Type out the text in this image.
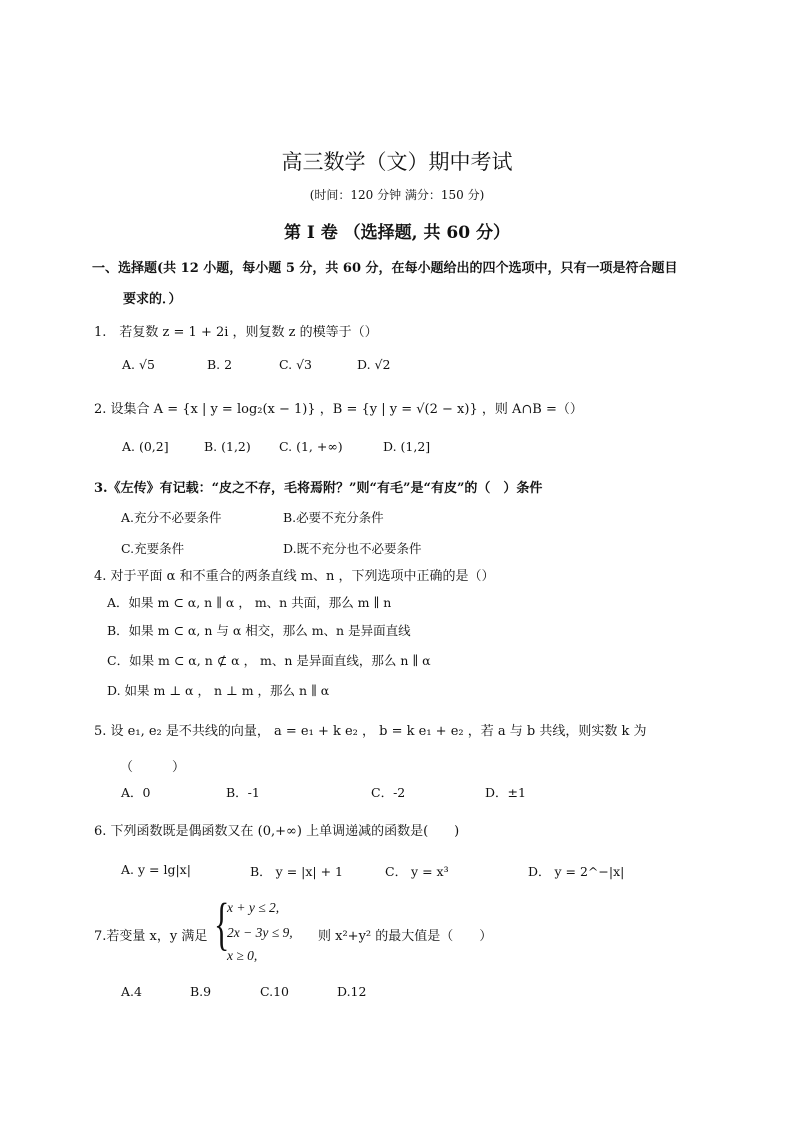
高三数学（文）期中考试
(时间：120 分钟 满分：150 分)
第 I 卷 （选择题, 共 60 分）
一、选择题(共 12 小题，每小题 5 分，共 60 分，在每小题给出的四个选项中，只有一项是符合题目
要求的．）
1.　若复数 z = 1 + 2i ，则复数 z 的模等于（）
A. √5	B. 2	C. √3	D. √2
2. 设集合 A = {x | y = log₂(x − 1)} ，B = {y | y = √(2 − x)} ，则 A∩B =（）
A. (0,2]	B. (1,2) C. (1, +∞)	D. (1,2]
3.《左传》有记载：“皮之不存，毛将焉附？”则“有毛”是“有皮”的（　）条件
A.充分不必要条件	B.必要不充分条件
C.充要条件	D.既不充分也不必要条件
4. 对于平面 α 和不重合的两条直线 m、n ，下列选项中正确的是（）
A．如果 m ⊂ α, n ∥ α ， m、n 共面，那么 m ∥ n
B．如果 m ⊂ α, n 与 α 相交，那么 m、n 是异面直线
C．如果 m ⊂ α, n ⊄ α ， m、n 是异面直线，那么 n ∥ α
D. 如果 m ⊥ α ， n ⊥ m ，那么 n ∥ α
5. 设 e₁, e₂ 是不共线的向量， a = e₁ + k e₂ ， b = k e₁ + e₂ ，若 a 与 b 共线，则实数 k 为
（　　　）
A．0	B．-1	C．-2	D．±1
6. 下列函数既是偶函数又在 (0,+∞) 上单调递减的函数是(　　)
A. y = lg|x|	B． y = |x| + 1	C． y = x³	D． y = 2^−|x|
7.若变量 x，y 满足 {
x + y ≤ 2,
2x − 3y ≤ 9,
x ≥ 0,
则 x²+y² 的最大值是（　　）
A.4	B.9	C.10	D.12
